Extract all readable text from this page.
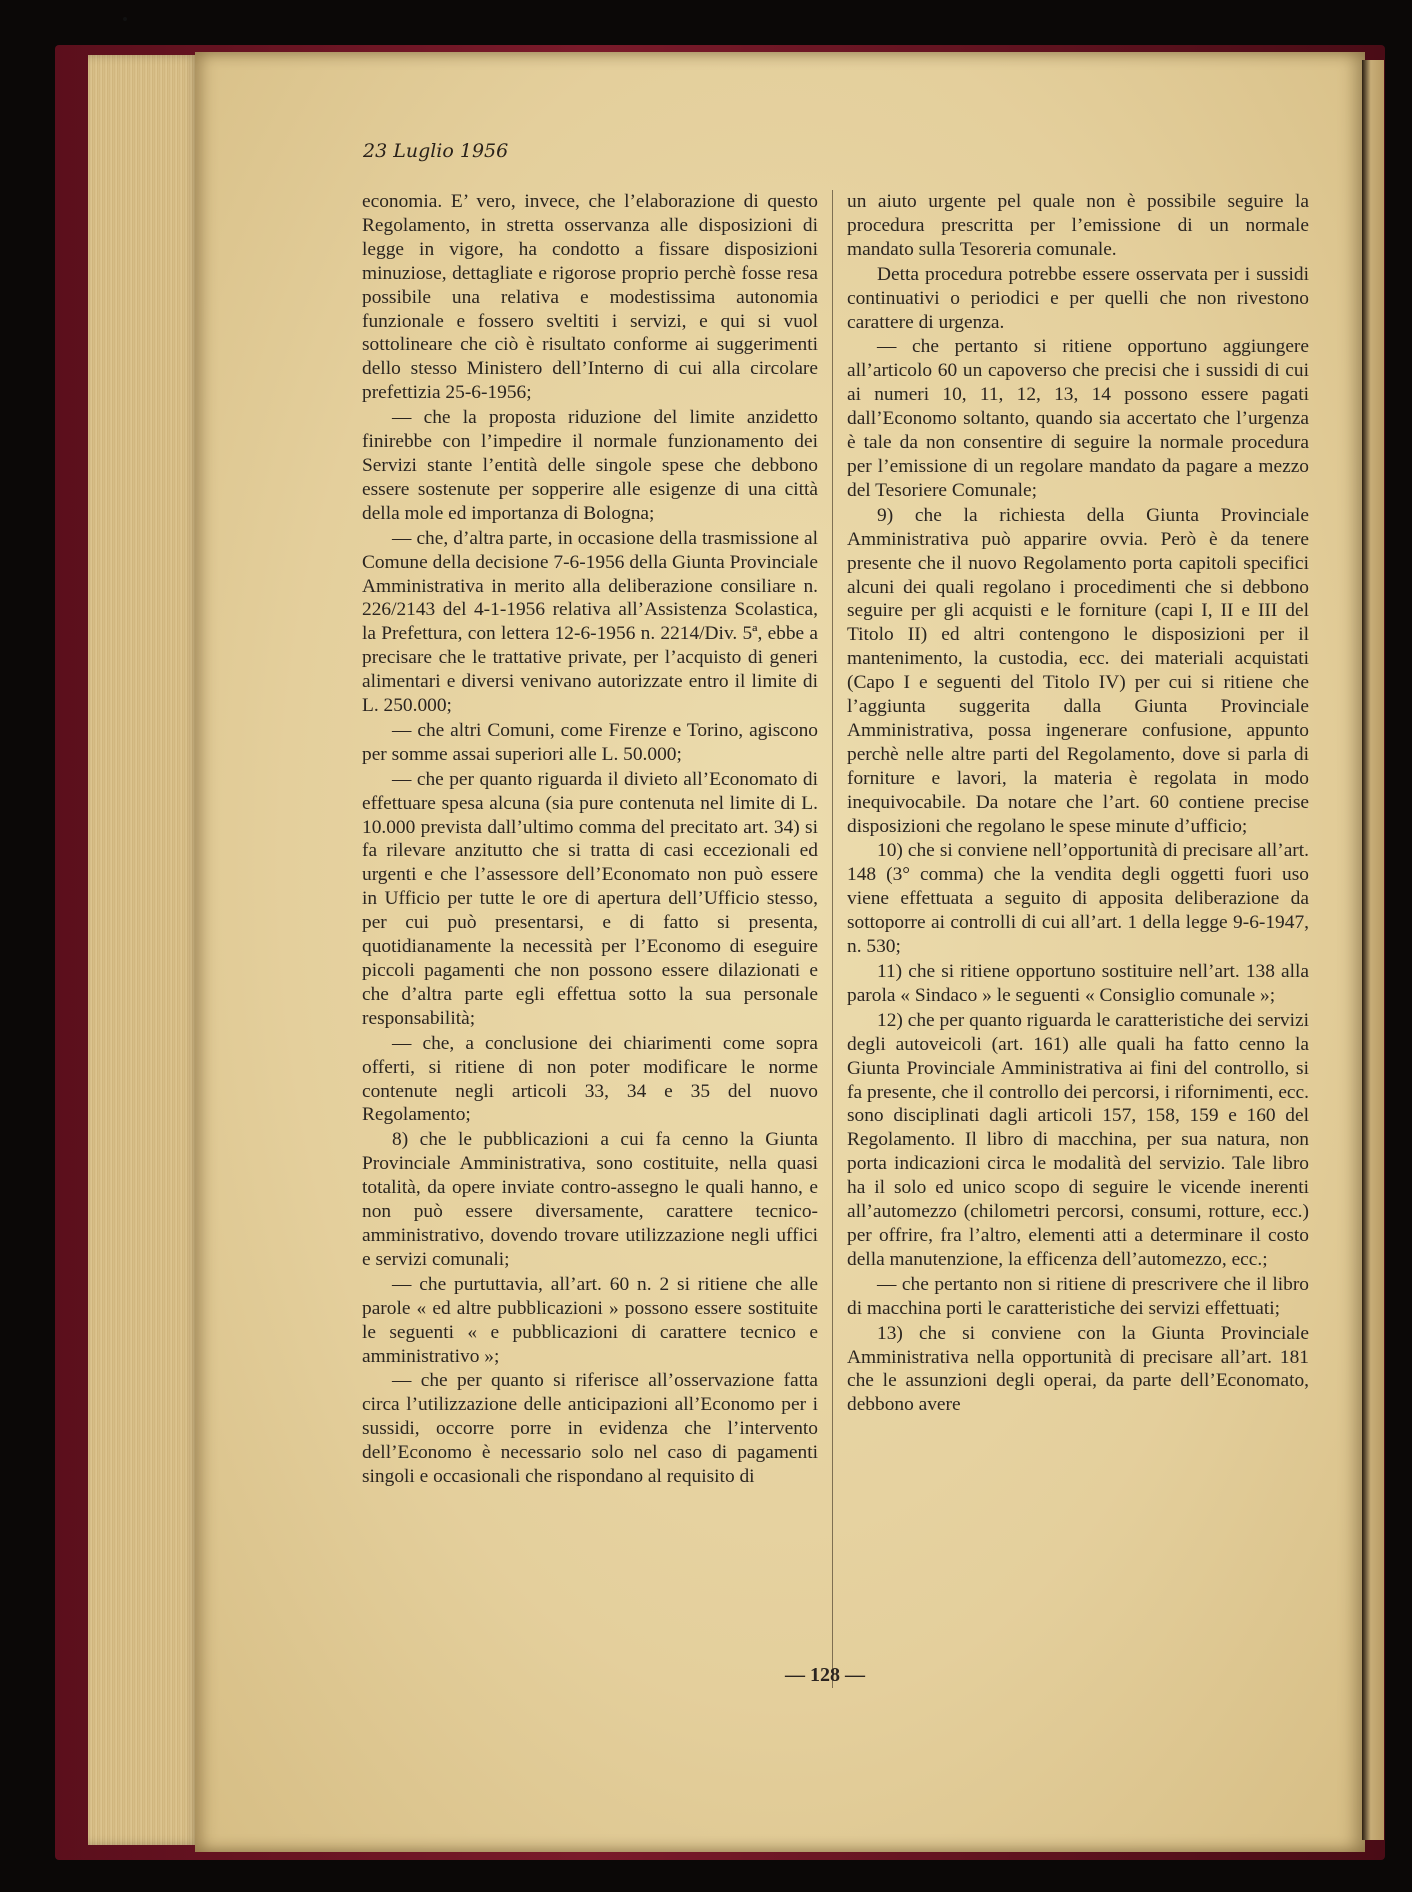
23 Luglio 1956

economia. E’ vero, invece, che l’elaborazione di questo Regolamento, in stretta osservanza alle disposizioni di legge in vigore, ha condotto a fissare disposizioni minuziose, dettagliate e rigorose proprio perchè fosse resa possibile una relativa e modestissima autonomia funzionale e fossero sveltiti i servizi, e qui si vuol sottolineare che ciò è risultato conforme ai suggerimenti dello stesso Ministero dell’Interno di cui alla circolare prefettizia 25-6-1956;

— che la proposta riduzione del limite anzidetto finirebbe con l’impedire il normale funzionamento dei Servizi stante l’entità delle singole spese che debbono essere sostenute per sopperire alle esigenze di una città della mole ed importanza di Bologna;

— che, d’altra parte, in occasione della trasmissione al Comune della decisione 7-6-1956 della Giunta Provinciale Amministrativa in merito alla deliberazione consiliare n. 226/2143 del 4-1-1956 relativa all’Assistenza Scolastica, la Prefettura, con lettera 12-6-1956 n. 2214/Div. 5ª, ebbe a precisare che le trattative private, per l’acquisto di generi alimentari e diversi venivano autorizzate entro il limite di L. 250.000;

— che altri Comuni, come Firenze e Torino, agiscono per somme assai superiori alle L. 50.000;

— che per quanto riguarda il divieto all’Economato di effettuare spesa alcuna (sia pure contenuta nel limite di L. 10.000 prevista dall’ultimo comma del precitato art. 34) si fa rilevare anzitutto che si tratta di casi eccezionali ed urgenti e che l’assessore dell’Economato non può essere in Ufficio per tutte le ore di apertura dell’Ufficio stesso, per cui può presentarsi, e di fatto si presenta, quotidianamente la necessità per l’Economo di eseguire piccoli pagamenti che non possono essere dilazionati e che d’altra parte egli effettua sotto la sua personale responsabilità;

— che, a conclusione dei chiarimenti come sopra offerti, si ritiene di non poter modificare le norme contenute negli articoli 33, 34 e 35 del nuovo Regolamento;

8) che le pubblicazioni a cui fa cenno la Giunta Provinciale Amministrativa, sono costituite, nella quasi totalità, da opere inviate contro-assegno le quali hanno, e non può essere diversamente, carattere tecnico-amministrativo, dovendo trovare utilizzazione negli uffici e servizi comunali;

— che purtuttavia, all’art. 60 n. 2 si ritiene che alle parole « ed altre pubblicazioni » possono essere sostituite le seguenti « e pubblicazioni di carattere tecnico e amministrativo »;

— che per quanto si riferisce all’osservazione fatta circa l’utilizzazione delle anticipazioni all’Economo per i sussidi, occorre porre in evidenza che l’intervento dell’Economo è necessario solo nel caso di pagamenti singoli e occasionali che rispondano al requisito di

un aiuto urgente pel quale non è possibile seguire la procedura prescritta per l’emissione di un normale mandato sulla Tesoreria comunale.

Detta procedura potrebbe essere osservata per i sussidi continuativi o periodici e per quelli che non rivestono carattere di urgenza.

— che pertanto si ritiene opportuno aggiungere all’articolo 60 un capoverso che precisi che i sussidi di cui ai numeri 10, 11, 12, 13, 14 possono essere pagati dall’Economo soltanto, quando sia accertato che l’urgenza è tale da non consentire di seguire la normale procedura per l’emissione di un regolare mandato da pagare a mezzo del Tesoriere Comunale;

9) che la richiesta della Giunta Provinciale Amministrativa può apparire ovvia. Però è da tenere presente che il nuovo Regolamento porta capitoli specifici alcuni dei quali regolano i procedimenti che si debbono seguire per gli acquisti e le forniture (capi I, II e III del Titolo II) ed altri contengono le disposizioni per il mantenimento, la custodia, ecc. dei materiali acquistati (Capo I e seguenti del Titolo IV) per cui si ritiene che l’aggiunta suggerita dalla Giunta Provinciale Amministrativa, possa ingenerare confusione, appunto perchè nelle altre parti del Regolamento, dove si parla di forniture e lavori, la materia è regolata in modo inequivocabile. Da notare che l’art. 60 contiene precise disposizioni che regolano le spese minute d’ufficio;

10) che si conviene nell’opportunità di precisare all’art. 148 (3° comma) che la vendita degli oggetti fuori uso viene effettuata a seguito di apposita deliberazione da sottoporre ai controlli di cui all’art. 1 della legge 9-6-1947, n. 530;

11) che si ritiene opportuno sostituire nell’art. 138 alla parola « Sindaco » le seguenti « Consiglio comunale »;

12) che per quanto riguarda le caratteristiche dei servizi degli autoveicoli (art. 161) alle quali ha fatto cenno la Giunta Provinciale Amministrativa ai fini del controllo, si fa presente, che il controllo dei percorsi, i rifornimenti, ecc. sono disciplinati dagli articoli 157, 158, 159 e 160 del Regolamento. Il libro di macchina, per sua natura, non porta indicazioni circa le modalità del servizio. Tale libro ha il solo ed unico scopo di seguire le vicende inerenti all’automezzo (chilometri percorsi, consumi, rotture, ecc.) per offrire, fra l’altro, elementi atti a determinare il costo della manutenzione, la efficenza dell’automezzo, ecc.;

— che pertanto non si ritiene di prescrivere che il libro di macchina porti le caratteristiche dei servizi effettuati;

13) che si conviene con la Giunta Provinciale Amministrativa nella opportunità di precisare all’art. 181 che le assunzioni degli operai, da parte dell’Economato, debbono avere

— 128 —
